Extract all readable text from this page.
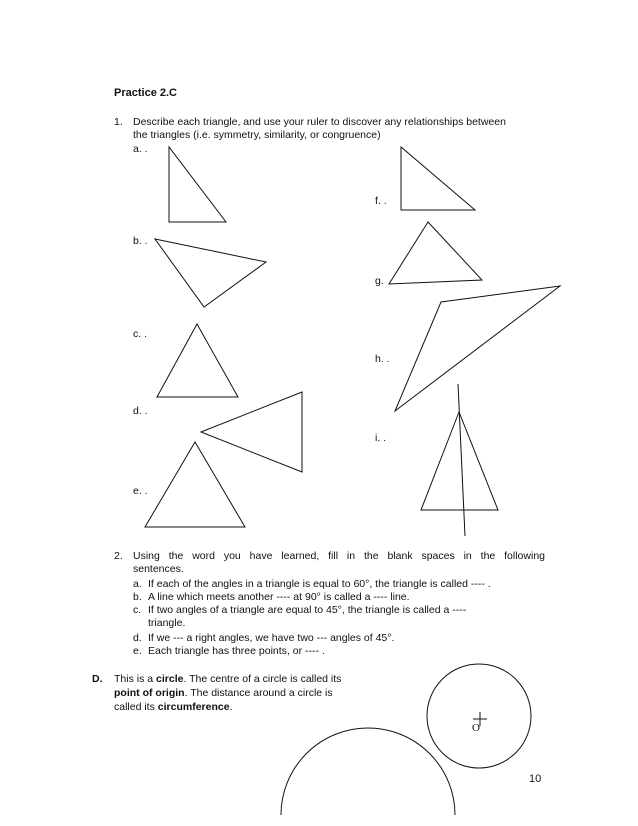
Practice 2.C
1. Describe each triangle, and use your ruler to discover any relationships between
the triangles (i.e. symmetry, similarity, or congruence)
a. .
b. .
c. .
d. .
e. .
f. .
g.
h. .
i. .
2. Using the word you have learned, fill in the blank spaces in the following
sentences.
a. If each of the angles in a triangle is equal to 60°, the triangle is called ---- .
b. A line which meets another ---- at 90° is called a ---- line.
c. If two angles of a triangle are equal to 45°, the triangle is called a ----
triangle.
d. If we --- a right angles, we have two --- angles of 45°.
e. Each triangle has three points, or ---- .
D. This is a circle. The centre of a circle is called its
point of origin. The distance around a circle is
called its circumference.
O
10
